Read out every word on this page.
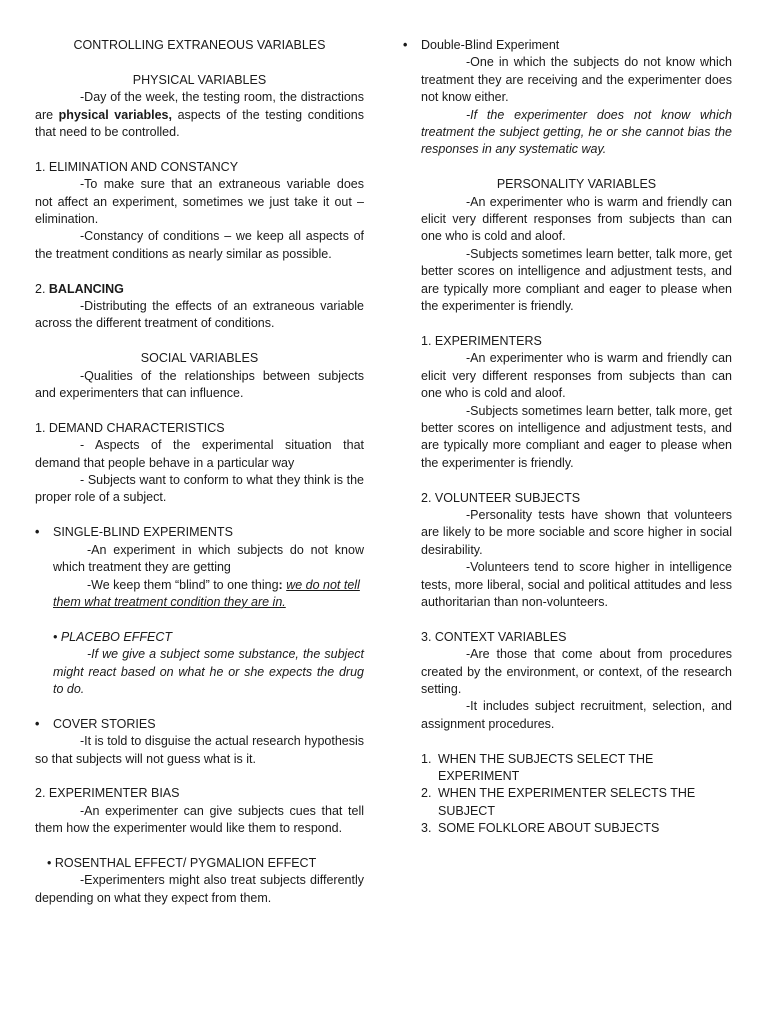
CONTROLLING EXTRANEOUS VARIABLES

PHYSICAL VARIABLES

-Day of the week, the testing room, the distractions are physical variables, aspects of the testing conditions that need to be controlled.

1. ELIMINATION AND CONSTANCY

-To make sure that an extraneous variable does not affect an experiment, sometimes we just take it out – elimination.

-Constancy of conditions – we keep all aspects of the treatment conditions as nearly similar as possible.

2. BALANCING

-Distributing the effects of an extraneous variable across the different treatment of conditions.

SOCIAL VARIABLES

-Qualities of the relationships between subjects and experimenters that can influence.

1. DEMAND CHARACTERISTICS

- Aspects of the experimental situation that demand that people behave in a particular way

- Subjects want to conform to what they think is the proper role of a subject.

•	SINGLE-BLIND EXPERIMENTS

-An experiment in which subjects do not know which treatment they are getting

-We keep them “blind” to one thing: we do not tell them what treatment condition they are in.

• PLACEBO EFFECT

-If we give a subject some substance, the subject might react based on what he or she expects the drug to do.

•	COVER STORIES

-It is told to disguise the actual research hypothesis so that subjects will not guess what is it.

2. EXPERIMENTER BIAS

-An experimenter can give subjects cues that tell them how the experimenter would like them to respond.

• ROSENTHAL EFFECT/ PYGMALION EFFECT

-Experimenters might also treat subjects differently depending on what they expect from them.

•	Double-Blind Experiment

-One in which the subjects do not know which treatment they are receiving and the experimenter does not know either.

-If the experimenter does not know which treatment the subject getting, he or she cannot bias the responses in any systematic way.

PERSONALITY VARIABLES

-An experimenter who is warm and friendly can elicit very different responses from subjects than can one who is cold and aloof.

-Subjects sometimes learn better, talk more, get better scores on intelligence and adjustment tests, and are typically more compliant and eager to please when the experimenter is friendly.

1. EXPERIMENTERS

-An experimenter who is warm and friendly can elicit very different responses from subjects than can one who is cold and aloof.

-Subjects sometimes learn better, talk more, get better scores on intelligence and adjustment tests, and are typically more compliant and eager to please when the experimenter is friendly.

2. VOLUNTEER SUBJECTS

-Personality tests have shown that volunteers are likely to be more sociable and score higher in social desirability.

-Volunteers tend to score higher in intelligence tests, more liberal, social and political attitudes and less authoritarian than non-volunteers.

3. CONTEXT VARIABLES

-Are those that come about from procedures created by the environment, or context, of the research setting.

-It includes subject recruitment, selection, and assignment procedures.

1. WHEN THE SUBJECTS SELECT THE EXPERIMENT
2. WHEN THE EXPERIMENTER SELECTS THE SUBJECT
3. SOME FOLKLORE ABOUT SUBJECTS
